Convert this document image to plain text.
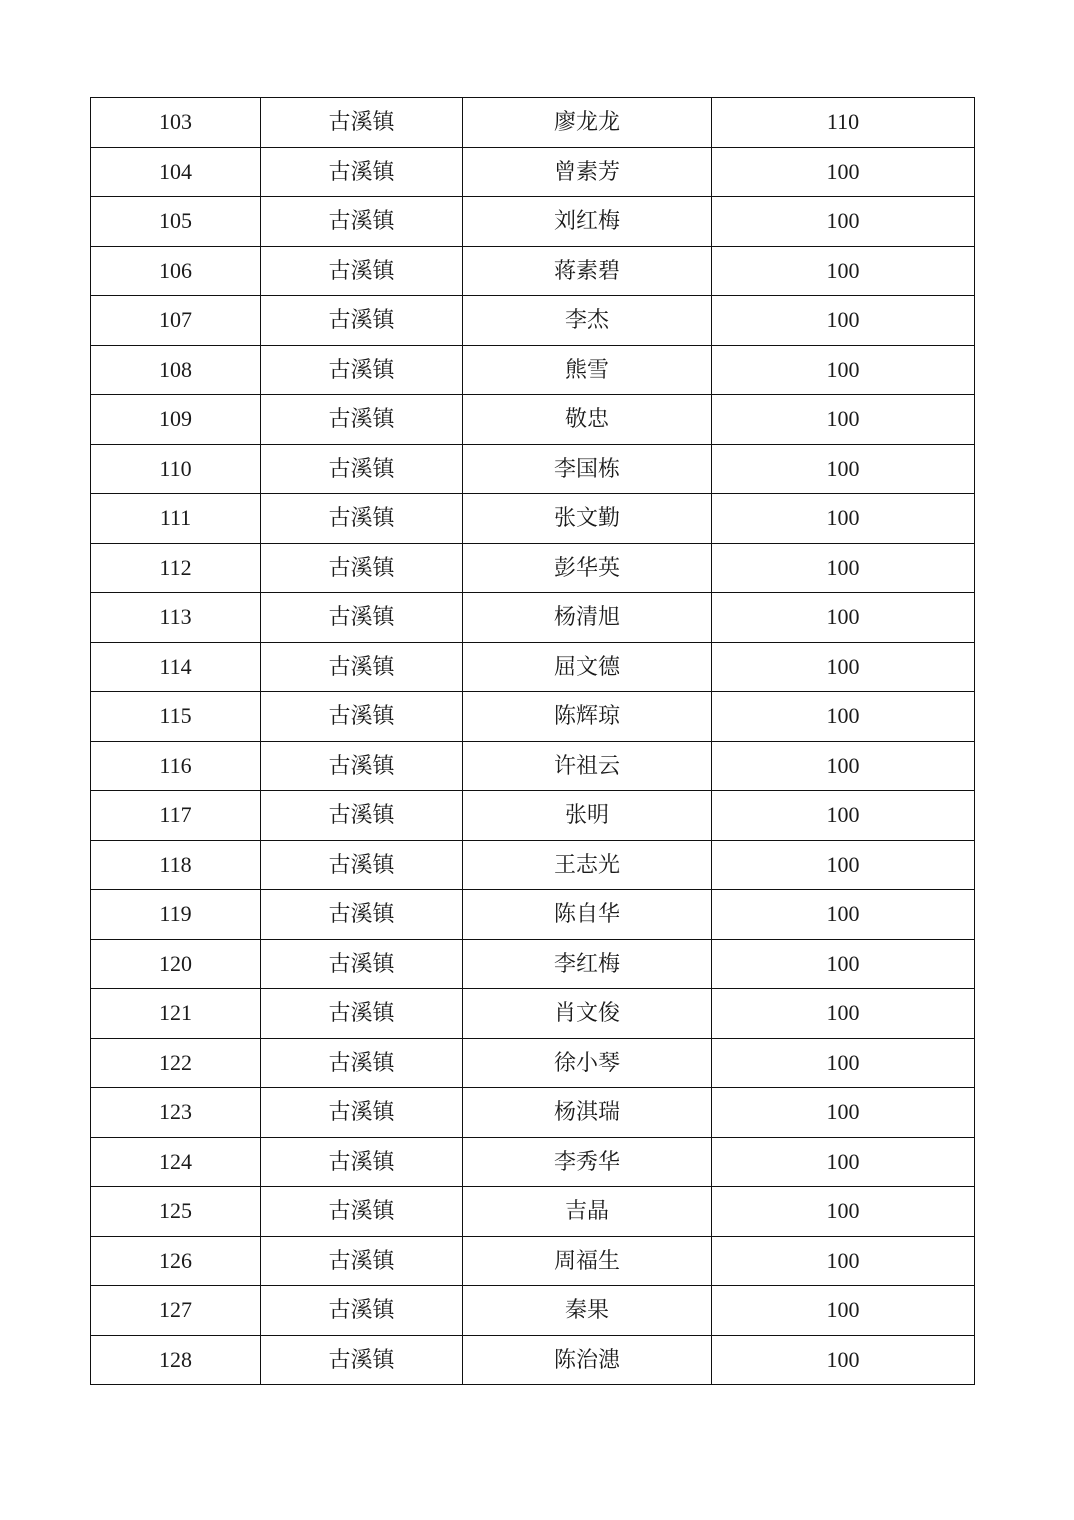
103	古溪镇	廖龙龙	110
104	古溪镇	曾素芳	100
105	古溪镇	刘红梅	100
106	古溪镇	蒋素碧	100
107	古溪镇	李杰	100
108	古溪镇	熊雪	100
109	古溪镇	敬忠	100
110	古溪镇	李国栋	100
111	古溪镇	张文勤	100
112	古溪镇	彭华英	100
113	古溪镇	杨清旭	100
114	古溪镇	屈文德	100
115	古溪镇	陈辉琼	100
116	古溪镇	许祖云	100
117	古溪镇	张明	100
118	古溪镇	王志光	100
119	古溪镇	陈自华	100
120	古溪镇	李红梅	100
121	古溪镇	肖文俊	100
122	古溪镇	徐小琴	100
123	古溪镇	杨淇瑞	100
124	古溪镇	李秀华	100
125	古溪镇	吉晶	100
126	古溪镇	周福生	100
127	古溪镇	秦果	100
128	古溪镇	陈治漶	100
